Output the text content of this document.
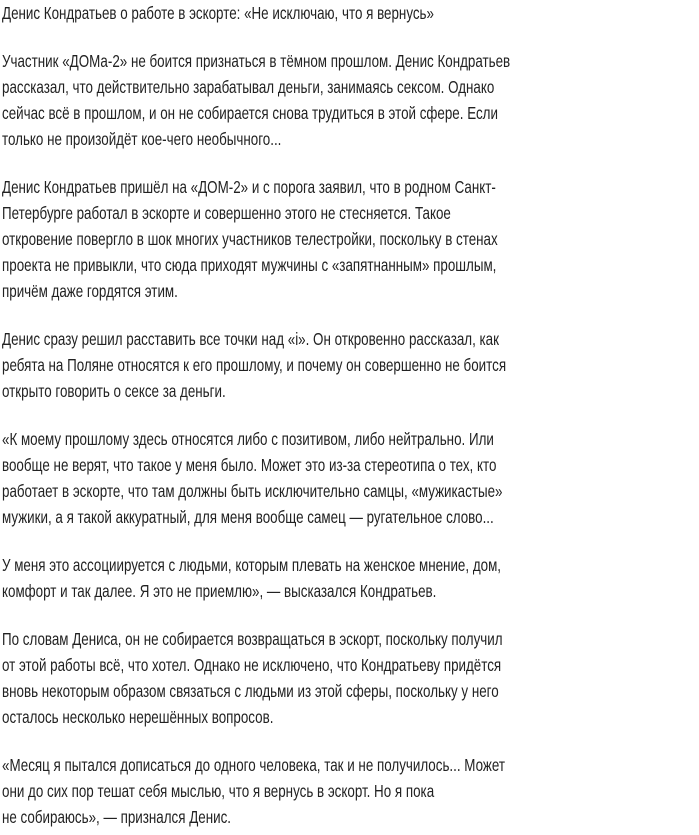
Денис Кондратьев о работе в эскорте: «Не исключаю, что я вернусь»

Участник «ДОМа-2» не боится признаться в тёмном прошлом. Денис Кондратьев
рассказал, что действительно зарабатывал деньги, занимаясь сексом. Однако
сейчас всё в прошлом, и он не собирается снова трудиться в этой сфере. Если
только не произойдёт кое-чего необычного...

Денис Кондратьев пришёл на «ДОМ-2» и с порога заявил, что в родном Санкт-
Петербурге работал в эскорте и совершенно этого не стесняется. Такое
откровение повергло в шок многих участников телестройки, поскольку в стенах
проекта не привыкли, что сюда приходят мужчины с «запятнанным» прошлым,
причём даже гордятся этим.

Денис сразу решил расставить все точки над «i». Он откровенно рассказал, как
ребята на Поляне относятся к его прошлому, и почему он совершенно не боится
открыто говорить о сексе за деньги.

«К моему прошлому здесь относятся либо с позитивом, либо нейтрально. Или
вообще не верят, что такое у меня было. Может это из-за стереотипа о тех, кто
работает в эскорте, что там должны быть исключительно самцы, «мужикастые»
мужики, а я такой аккуратный, для меня вообще самец — ругательное слово...

У меня это ассоциируется с людьми, которым плевать на женское мнение, дом,
комфорт и так далее. Я это не приемлю», — высказался Кондратьев.

По словам Дениса, он не собирается возвращаться в эскорт, поскольку получил
от этой работы всё, что хотел. Однако не исключено, что Кондратьеву придётся
вновь некоторым образом связаться с людьми из этой сферы, поскольку у него
осталось несколько нерешённых вопросов.

«Месяц я пытался дописаться до одного человека, так и не получилось... Может
они до сих пор тешат себя мыслью, что я вернусь в эскорт. Но я пока
не собираюсь», — признался Денис.
